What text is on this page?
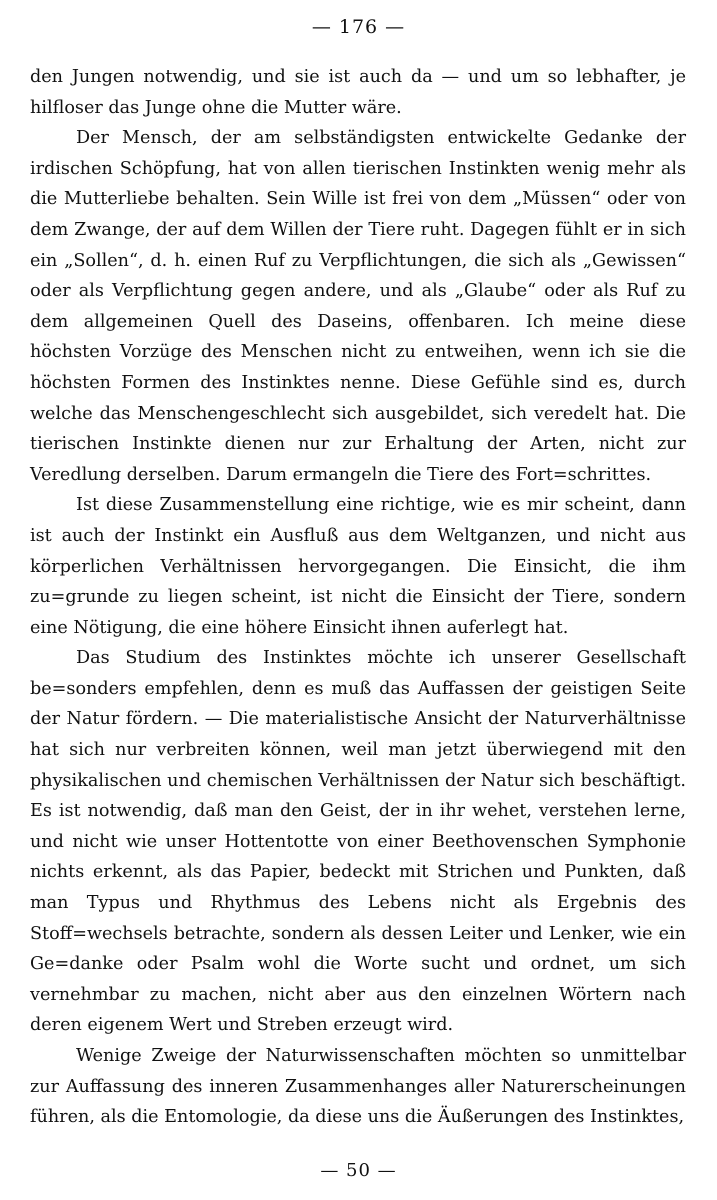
— 176 —

den Jungen notwendig, und sie ist auch da — und um so lebhafter, je hilfloser das Junge ohne die Mutter wäre.

Der Mensch, der am selbständigsten entwickelte Gedanke der irdischen Schöpfung, hat von allen tierischen Instinkten wenig mehr als die Mutterliebe behalten. Sein Wille ist frei von dem „Müssen“ oder von dem Zwange, der auf dem Willen der Tiere ruht. Dagegen fühlt er in sich ein „Sollen“, d. h. einen Ruf zu Verpflichtungen, die sich als „Gewissen“ oder als Verpflichtung gegen andere, und als „Glaube“ oder als Ruf zu dem allgemeinen Quell des Daseins, offenbaren. Ich meine diese höchsten Vorzüge des Menschen nicht zu entweihen, wenn ich sie die höchsten Formen des Instinktes nenne. Diese Gefühle sind es, durch welche das Menschengeschlecht sich ausgebildet, sich veredelt hat. Die tierischen Instinkte dienen nur zur Erhaltung der Arten, nicht zur Veredlung derselben. Darum ermangeln die Tiere des Fort=schrittes.

Ist diese Zusammenstellung eine richtige, wie es mir scheint, dann ist auch der Instinkt ein Ausfluß aus dem Weltganzen, und nicht aus körperlichen Verhältnissen hervorgegangen. Die Einsicht, die ihm zu=grunde zu liegen scheint, ist nicht die Einsicht der Tiere, sondern eine Nötigung, die eine höhere Einsicht ihnen auferlegt hat.

Das Studium des Instinktes möchte ich unserer Gesellschaft be=sonders empfehlen, denn es muß das Auffassen der geistigen Seite der Natur fördern. — Die materialistische Ansicht der Naturverhältnisse hat sich nur verbreiten können, weil man jetzt überwiegend mit den physikalischen und chemischen Verhältnissen der Natur sich beschäftigt. Es ist notwendig, daß man den Geist, der in ihr wehet, verstehen lerne, und nicht wie unser Hottentotte von einer Beethovenschen Symphonie nichts erkennt, als das Papier, bedeckt mit Strichen und Punkten, daß man Typus und Rhythmus des Lebens nicht als Ergebnis des Stoff=wechsels betrachte, sondern als dessen Leiter und Lenker, wie ein Ge=danke oder Psalm wohl die Worte sucht und ordnet, um sich vernehmbar zu machen, nicht aber aus den einzelnen Wörtern nach deren eigenem Wert und Streben erzeugt wird.

Wenige Zweige der Naturwissenschaften möchten so unmittelbar zur Auffassung des inneren Zusammenhanges aller Naturerscheinungen führen, als die Entomologie, da diese uns die Äußerungen des Instinktes,

— 50 —
